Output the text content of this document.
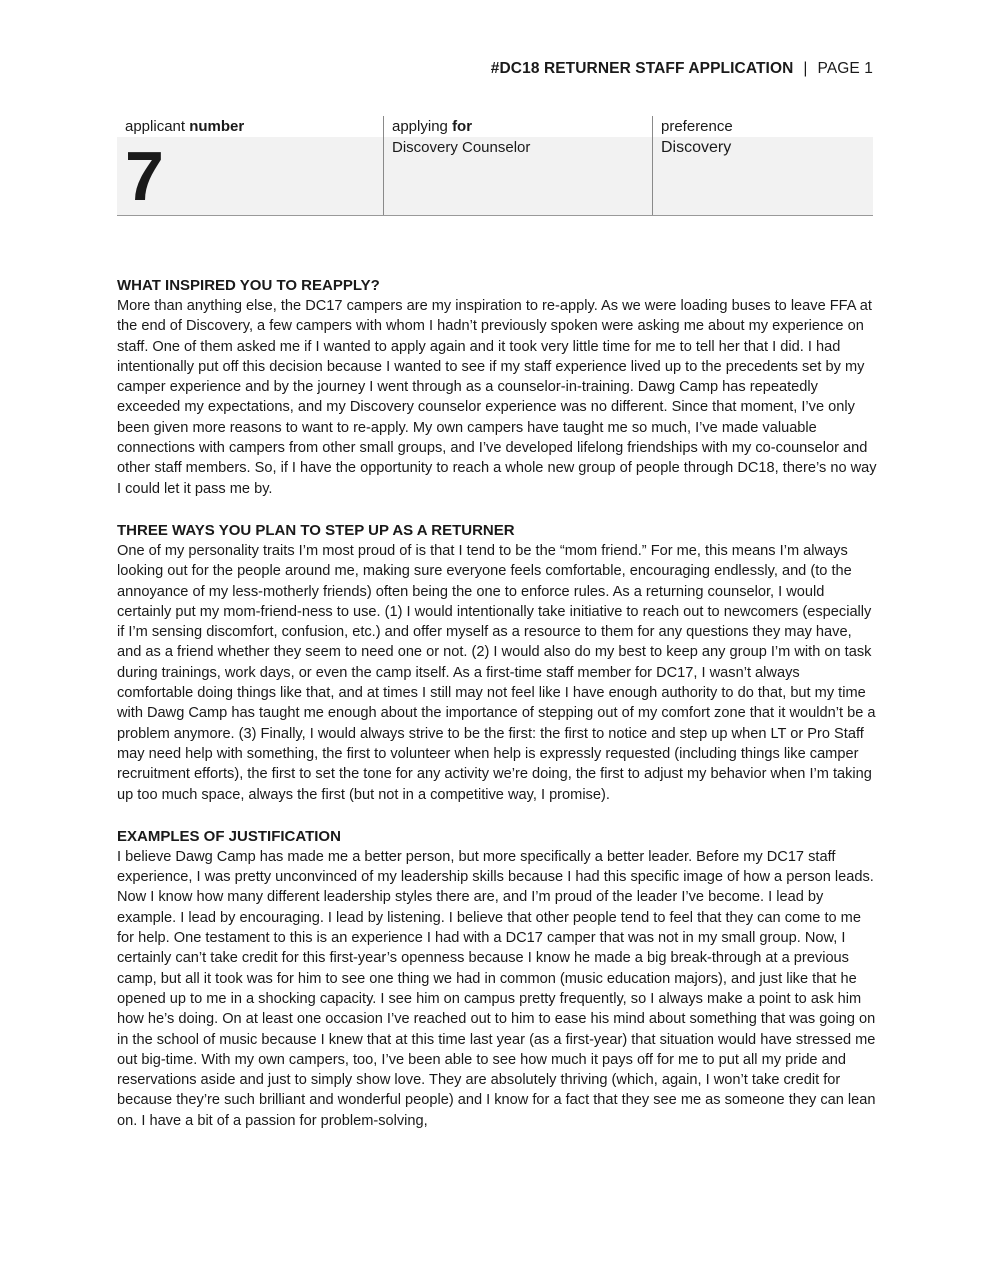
#DC18 RETURNER STAFF APPLICATION | PAGE 1
applicant number
7
applying for
Discovery Counselor
preference
Discovery
WHAT INSPIRED YOU TO REAPPLY?

More than anything else, the DC17 campers are my inspiration to re-apply. As we were loading buses to leave FFA at the end of Discovery, a few campers with whom I hadn’t previously spoken were asking me about my experience on staff. One of them asked me if I wanted to apply again and it took very little time for me to tell her that I did. I had intentionally put off this decision because I wanted to see if my staff experience lived up to the precedents set by my camper experience and by the journey I went through as a counselor-in-training. Dawg Camp has repeatedly exceeded my expectations, and my Discovery counselor experience was no different. Since that moment, I’ve only been given more reasons to want to re-apply. My own campers have taught me so much, I’ve made valuable connections with campers from other small groups, and I’ve developed lifelong friendships with my co-counselor and other staff members. So, if I have the opportunity to reach a whole new group of people through DC18, there’s no way I could let it pass me by.

THREE WAYS YOU PLAN TO STEP UP AS A RETURNER

One of my personality traits I’m most proud of is that I tend to be the “mom friend.” For me, this means I’m always looking out for the people around me, making sure everyone feels comfortable, encouraging endlessly, and (to the annoyance of my less-motherly friends) often being the one to enforce rules. As a returning counselor, I would certainly put my mom-friend-ness to use. (1) I would intentionally take initiative to reach out to newcomers (especially if I’m sensing discomfort, confusion, etc.) and offer myself as a resource to them for any questions they may have, and as a friend whether they seem to need one or not. (2) I would also do my best to keep any group I’m with on task during trainings, work days, or even the camp itself. As a first-time staff member for DC17, I wasn’t always comfortable doing things like that, and at times I still may not feel like I have enough authority to do that, but my time with Dawg Camp has taught me enough about the importance of stepping out of my comfort zone that it wouldn’t be a problem anymore. (3) Finally, I would always strive to be the first: the first to notice and step up when LT or Pro Staff may need help with something, the first to volunteer when help is expressly requested (including things like camper recruitment efforts), the first to set the tone for any activity we’re doing, the first to adjust my behavior when I’m taking up too much space, always the first (but not in a competitive way, I promise).

EXAMPLES OF JUSTIFICATION

I believe Dawg Camp has made me a better person, but more specifically a better leader. Before my DC17 staff experience, I was pretty unconvinced of my leadership skills because I had this specific image of how a person leads. Now I know how many different leadership styles there are, and I’m proud of the leader I’ve become. I lead by example. I lead by encouraging. I lead by listening. I believe that other people tend to feel that they can come to me for help. One testament to this is an experience I had with a DC17 camper that was not in my small group. Now, I certainly can’t take credit for this first-year’s openness because I know he made a big break-through at a previous camp, but all it took was for him to see one thing we had in common (music education majors), and just like that he opened up to me in a shocking capacity. I see him on campus pretty frequently, so I always make a point to ask him how he’s doing. On at least one occasion I’ve reached out to him to ease his mind about something that was going on in the school of music because I knew that at this time last year (as a first-year) that situation would have stressed me out big-time. With my own campers, too, I’ve been able to see how much it pays off for me to put all my pride and reservations aside and just to simply show love. They are absolutely thriving (which, again, I won’t take credit for because they’re such brilliant and wonderful people) and I know for a fact that they see me as someone they can lean on. I have a bit of a passion for problem-solving,
